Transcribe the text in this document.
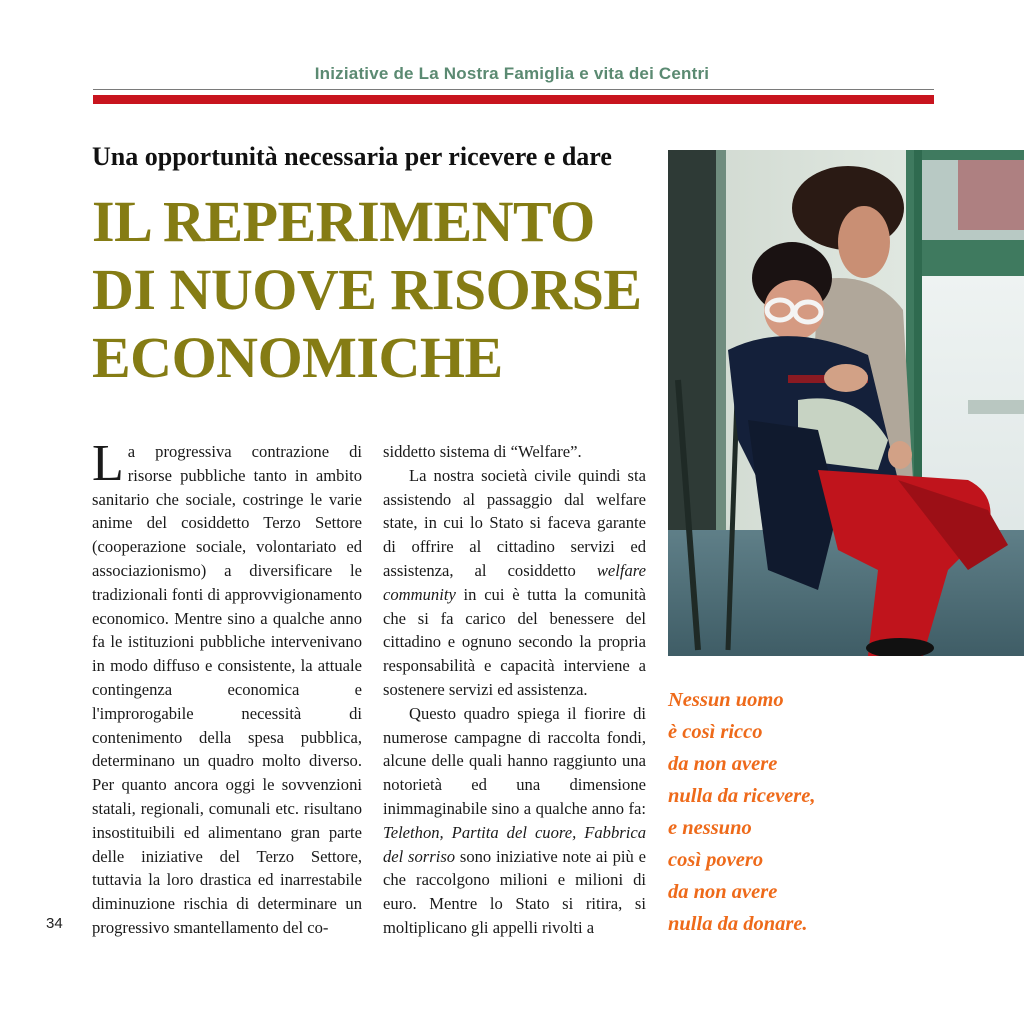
Iniziative de La Nostra Famiglia e vita dei Centri
Una opportunità necessaria per ricevere e dare
IL REPERIMENTO
DI NUOVE RISORSE
ECONOMICHE

La progressiva contrazione di risorse pubbliche tanto in ambito sanitario che sociale, costringe le varie anime del cosiddetto Terzo Settore (cooperazione sociale, volontariato ed associazionismo) a diversificare le tradizionali fonti di approvvigionamento economico. Mentre sino a qualche anno fa le istituzioni pubbliche intervenivano in modo diffuso e consistente, la attuale contingenza economica e l'improrogabile necessità di contenimento della spesa pubblica, determinano un quadro molto diverso. Per quanto ancora oggi le sovvenzioni statali, regionali, comunali etc. risultano insostituibili ed alimentano gran parte delle iniziative del Terzo Settore, tuttavia la loro drastica ed inarrestabile diminuzione rischia di determinare un progressivo smantellamento del co-

siddetto sistema di “Welfare”.

La nostra società civile quindi sta assistendo al passaggio dal welfare state, in cui lo Stato si faceva garante di offrire al cittadino servizi ed assistenza, al cosiddetto welfare community in cui è tutta la comunità che si fa carico del benessere del cittadino e ognuno secondo la propria responsabilità e capacità interviene a sostenere servizi ed assistenza.

Questo quadro spiega il fiorire di numerose campagne di raccolta fondi, alcune delle quali hanno raggiunto una notorietà ed una dimensione inimmaginabile sino a qualche anno fa: Telethon, Partita del cuore, Fabbrica del sorriso sono iniziative note ai più e che raccolgono milioni e milioni di euro. Mentre lo Stato si ritira, si moltiplicano gli appelli rivolti a

Nessun uomo
è così ricco
da non avere
nulla da ricevere,
e nessuno
così povero
da non avere
nulla da donare.
34
